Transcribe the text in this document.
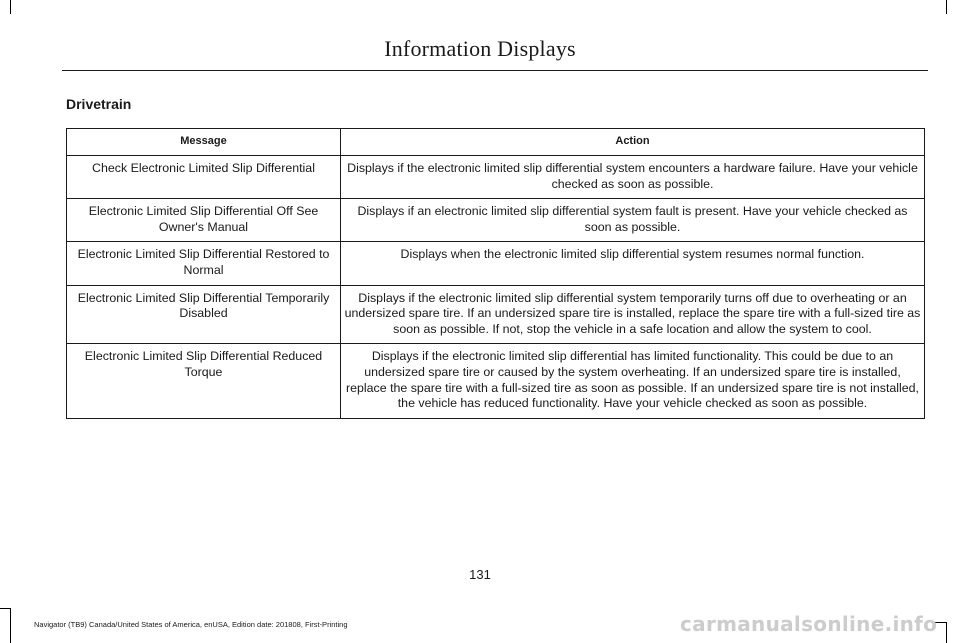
Information Displays
Drivetrain
Message	Action
Check Electronic Limited Slip Differential	Displays if the electronic limited slip differential system encounters a hardware failure. Have your vehicle checked as soon as possible.
Electronic Limited Slip Differential Off See Owner's Manual	Displays if an electronic limited slip differential system fault is present. Have your vehicle checked as soon as possible.
Electronic Limited Slip Differential Restored to Normal	Displays when the electronic limited slip differential system resumes normal function.
Electronic Limited Slip Differential Temporarily Disabled	Displays if the electronic limited slip differential system temporarily turns off due to overheating or an undersized spare tire. If an undersized spare tire is installed, replace the spare tire with a full-sized tire as soon as possible. If not, stop the vehicle in a safe location and allow the system to cool.
Electronic Limited Slip Differential Reduced Torque	Displays if the electronic limited slip differential has limited functionality. This could be due to an undersized spare tire or caused by the system overheating. If an undersized spare tire is installed, replace the spare tire with a full-sized tire as soon as possible. If an undersized spare tire is not installed, the vehicle has reduced functionality. Have your vehicle checked as soon as possible.
131
Navigator (TB9) Canada/United States of America, enUSA, Edition date: 201808, First-Printing	carmanualsonline.info
